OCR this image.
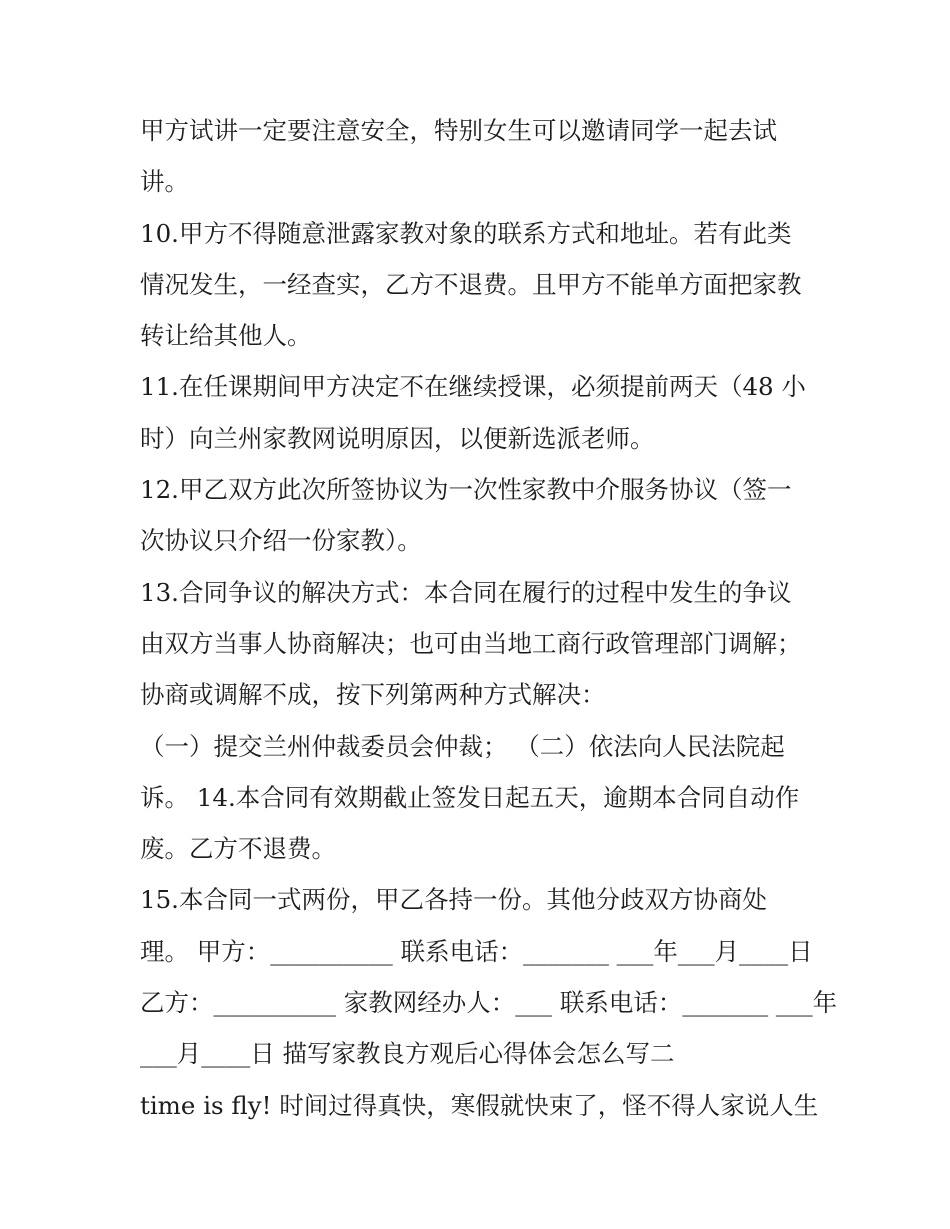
甲方试讲一定要注意安全，特别女生可以邀请同学一起去试
讲。
10.甲方不得随意泄露家教对象的联系方式和地址。若有此类
情况发生，一经查实，乙方不退费。且甲方不能单方面把家教
转让给其他人。
11.在任课期间甲方决定不在继续授课，必须提前两天（48 小
时）向兰州家教网说明原因，以便新选派老师。
12.甲乙双方此次所签协议为一次性家教中介服务协议（签一
次协议只介绍一份家教）。
13.合同争议的解决方式：本合同在履行的过程中发生的争议
由双方当事人协商解决；也可由当地工商行政管理部门调解；
协商或调解不成，按下列第两种方式解决：
（一）提交兰州仲裁委员会仲裁； （二）依法向人民法院起
诉。 14.本合同有效期截止签发日起五天，逾期本合同自动作
废。乙方不退费。
15.本合同一式两份，甲乙各持一份。其他分歧双方协商处
理。 甲方：__________ 联系电话：_______ ___年___月____日
乙方：__________ 家教网经办人：___ 联系电话：_______ ___年
___月____日 描写家教良方观后心得体会怎么写二
time is fly! 时间过得真快，寒假就快束了，怪不得人家说人生
